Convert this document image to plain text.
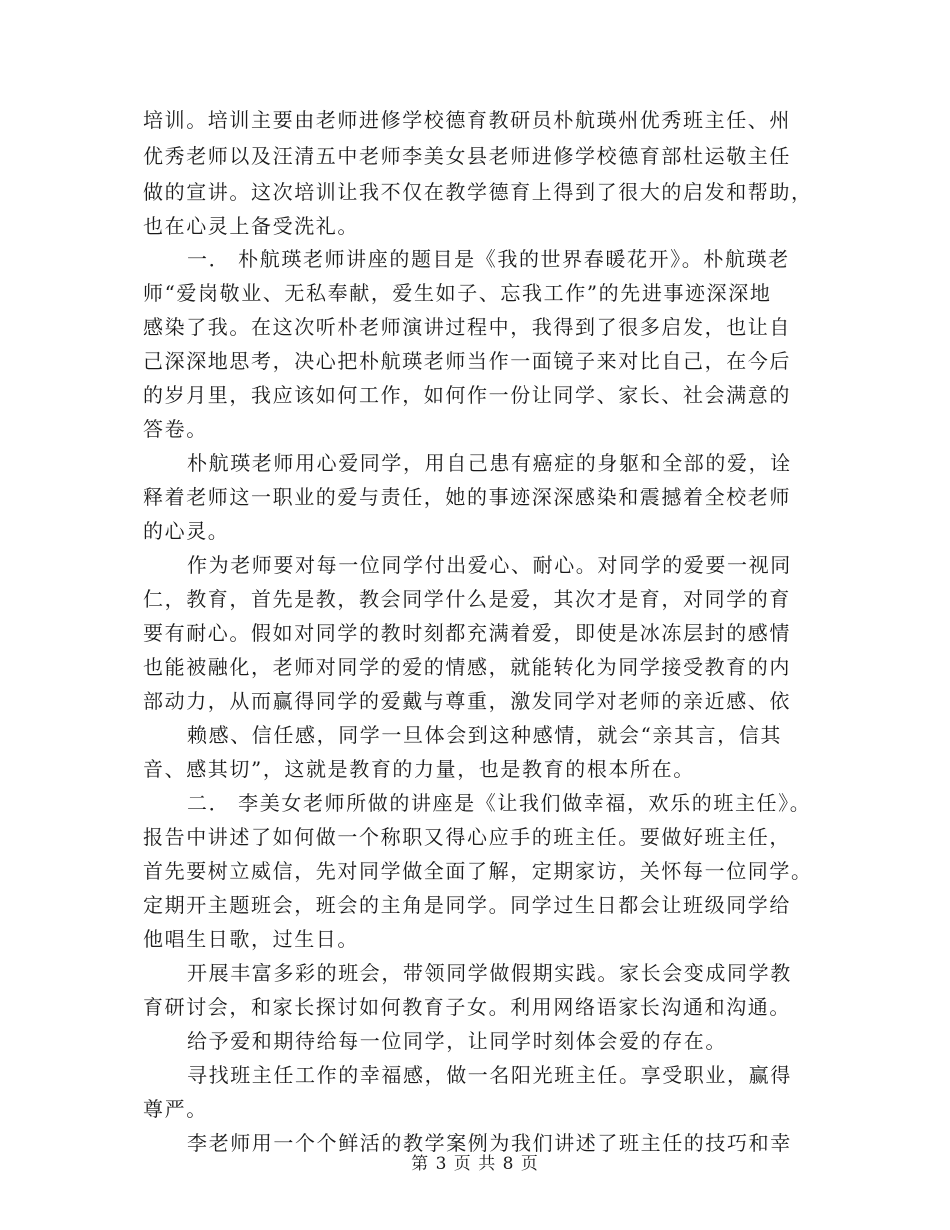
培训。培训主要由老师进修学校德育教研员朴航瑛州优秀班主任、州
优秀老师以及汪清五中老师李美女县老师进修学校德育部杜运敬主任
做的宣讲。这次培训让我不仅在教学德育上得到了很大的启发和帮助，
也在心灵上备受洗礼。
一． 朴航瑛老师讲座的题目是《我的世界春暖花开》。朴航瑛老
师“爱岗敬业、无私奉献，爱生如子、忘我工作”的先进事迹深深地
感染了我。在这次听朴老师演讲过程中，我得到了很多启发，也让自
己深深地思考，决心把朴航瑛老师当作一面镜子来对比自己，在今后
的岁月里，我应该如何工作，如何作一份让同学、家长、社会满意的
答卷。
朴航瑛老师用心爱同学，用自己患有癌症的身躯和全部的爱，诠
释着老师这一职业的爱与责任，她的事迹深深感染和震撼着全校老师
的心灵。
作为老师要对每一位同学付出爱心、耐心。对同学的爱要一视同
仁，教育，首先是教，教会同学什么是爱，其次才是育，对同学的育
要有耐心。假如对同学的教时刻都充满着爱，即使是冰冻层封的感情
也能被融化，老师对同学的爱的情感，就能转化为同学接受教育的内
部动力，从而赢得同学的爱戴与尊重，激发同学对老师的亲近感、依
赖感、信任感，同学一旦体会到这种感情，就会“亲其言，信其
音、感其切”，这就是教育的力量，也是教育的根本所在。
二． 李美女老师所做的讲座是《让我们做幸福，欢乐的班主任》。
报告中讲述了如何做一个称职又得心应手的班主任。要做好班主任，
首先要树立威信，先对同学做全面了解，定期家访，关怀每一位同学。
定期开主题班会，班会的主角是同学。同学过生日都会让班级同学给
他唱生日歌，过生日。
开展丰富多彩的班会，带领同学做假期实践。家长会变成同学教
育研讨会，和家长探讨如何教育子女。利用网络语家长沟通和沟通。
给予爱和期待给每一位同学，让同学时刻体会爱的存在。
寻找班主任工作的幸福感，做一名阳光班主任。享受职业，赢得
尊严。
李老师用一个个鲜活的教学案例为我们讲述了班主任的技巧和幸
第 3 页 共 8 页
